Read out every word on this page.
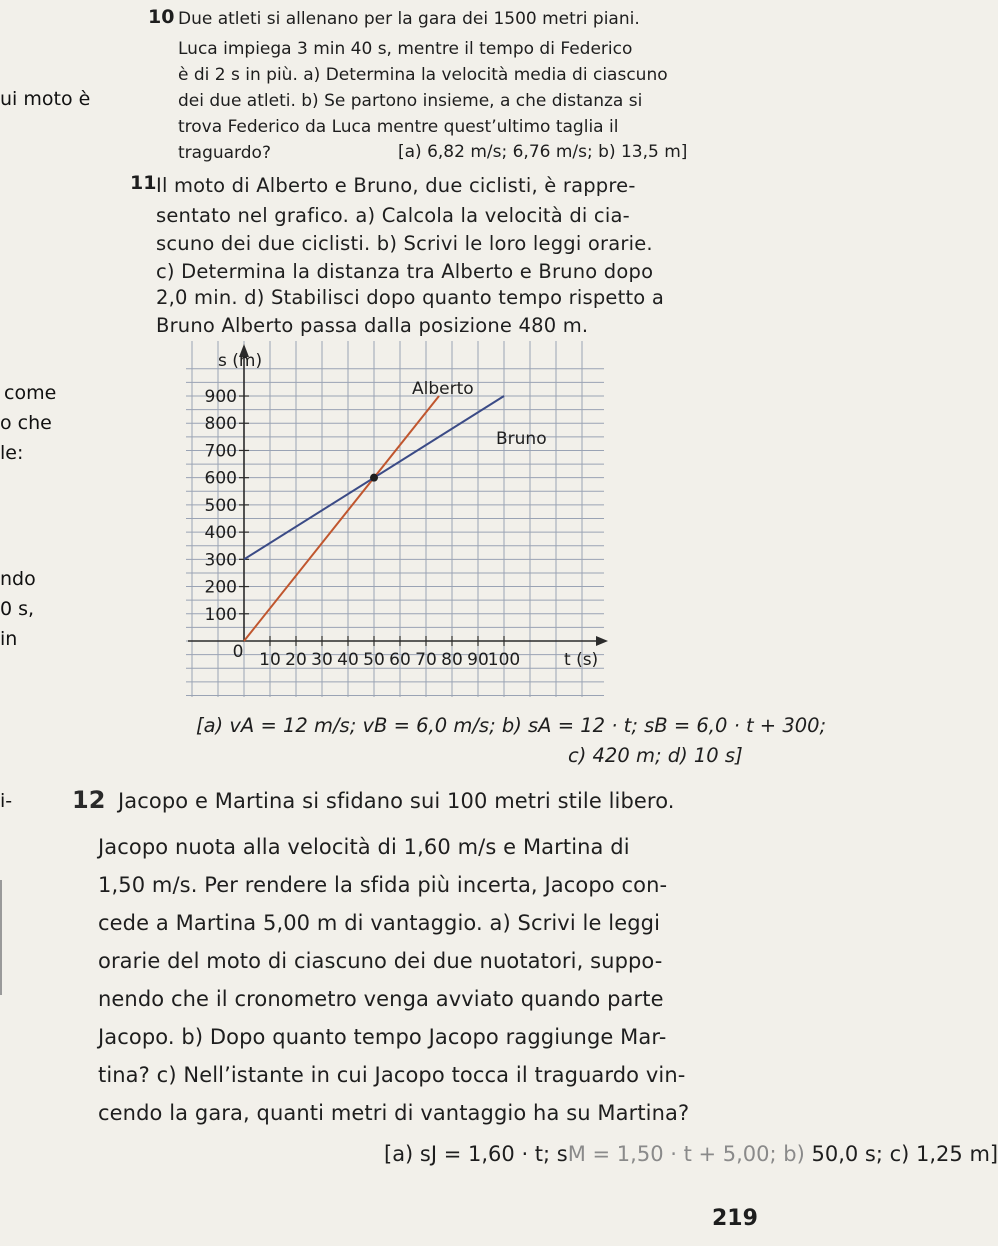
ui moto è
come
o che
le:
ndo
0 s,
in
i-
10 Due atleti si allenano per la gara dei 1500 metri piani.
Luca impiega 3 min 40 s, mentre il tempo di Federico
è di 2 s in più. a) Determina la velocità media di ciascuno
dei due atleti. b) Se partono insieme, a che distanza si
trova Federico da Luca mentre quest’ultimo taglia il
traguardo?	[a) 6,82 m/s; 6,76 m/s; b) 13,5 m]
11 Il moto di Alberto e Bruno, due ciclisti, è rappre-
sentato nel grafico. a) Calcola la velocità di cia-
scuno dei due ciclisti. b) Scrivi le loro leggi orarie.
c) Determina la distanza tra Alberto e Bruno dopo
2,0 min. d) Stabilisci dopo quanto tempo rispetto a
Bruno Alberto passa dalla posizione 480 m.
100
200
300
400
500
600
700
800
900
10 20 30 40 50 60 70 80 90
100
0
s (m)
t (s)
Alberto
Bruno
[a) vA = 12 m/s; vB = 6,0 m/s; b) sA = 12 · t; sB = 6,0 · t + 300;
c) 420 m; d) 10 s]
12 Jacopo e Martina si sfidano sui 100 metri stile libero.
Jacopo nuota alla velocità di 1,60 m/s e Martina di
1,50 m/s. Per rendere la sfida più incerta, Jacopo con-
cede a Martina 5,00 m di vantaggio. a) Scrivi le leggi
orarie del moto di ciascuno dei due nuotatori, suppo-
nendo che il cronometro venga avviato quando parte
Jacopo. b) Dopo quanto tempo Jacopo raggiunge Mar-
tina? c) Nell’istante in cui Jacopo tocca il traguardo vin-
cendo la gara, quanti metri di vantaggio ha su Martina?
[a) sJ = 1,60 · t; sM = 1,50 · t + 5,00; b) 50,0 s; c) 1,25 m]
219
